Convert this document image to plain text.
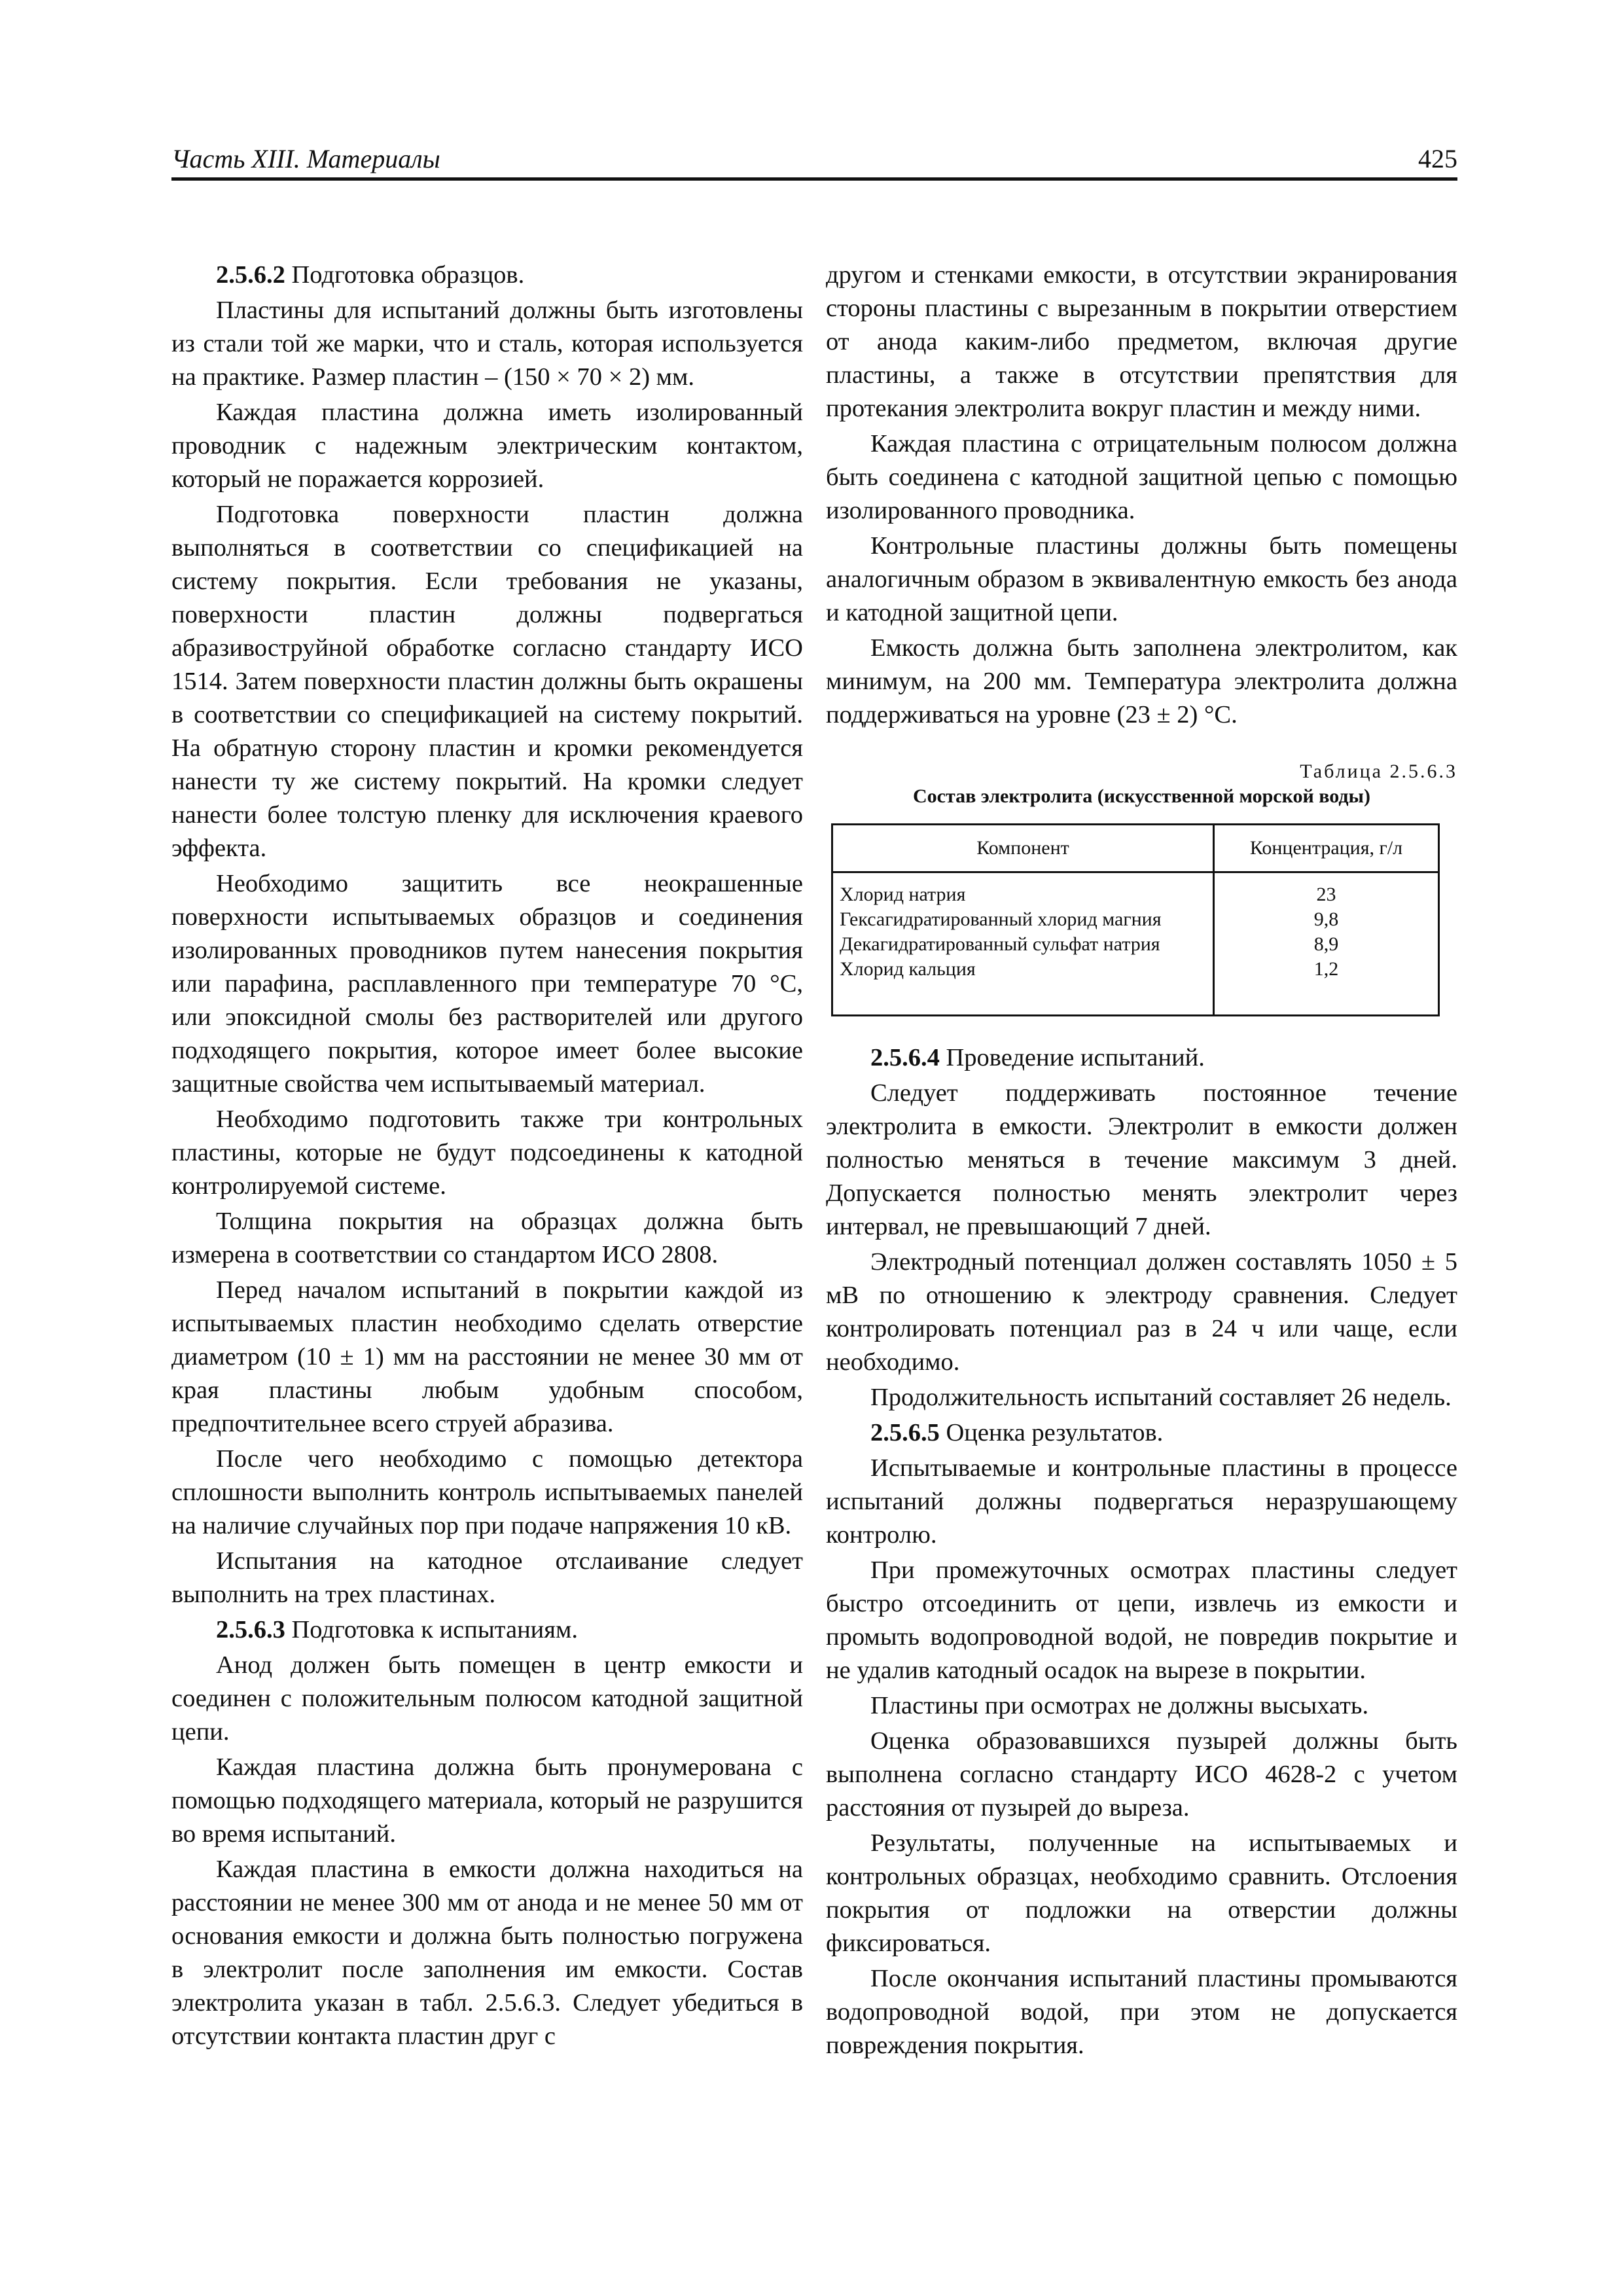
Часть XIII. Материалы	425

2.5.6.2 Подготовка образцов.

Пластины для испытаний должны быть изготовлены из стали той же марки, что и сталь, которая используется на практике. Размер пластин – (150 × 70 × 2) мм.

Каждая пластина должна иметь изолированный проводник с надежным электрическим контактом, который не поражается коррозией.

Подготовка поверхности пластин должна выполняться в соответствии со спецификацией на систему покрытия. Если требования не указаны, поверхности пластин должны подвергаться абразивоструйной обработке согласно стандарту ИСО 1514. Затем поверхности пластин должны быть окрашены в соответствии со спецификацией на систему покрытий. На обратную сторону пластин и кромки рекомендуется нанести ту же систему покрытий. На кромки следует нанести более толстую пленку для исключения краевого эффекта.

Необходимо защитить все неокрашенные поверхности испытываемых образцов и соединения изолированных проводников путем нанесения покрытия или парафина, расплавленного при температуре 70 °C, или эпоксидной смолы без растворителей или другого подходящего покрытия, которое имеет более высокие защитные свойства чем испытываемый материал.

Необходимо подготовить также три контрольных пластины, которые не будут подсоединены к катодной контролируемой системе.

Толщина покрытия на образцах должна быть измерена в соответствии со стандартом ИСО 2808.

Перед началом испытаний в покрытии каждой из испытываемых пластин необходимо сделать отверстие диаметром (10 ± 1) мм на расстоянии не менее 30 мм от края пластины любым удобным способом, предпочтительнее всего струей абразива.

После чего необходимо с помощью детектора сплошности выполнить контроль испытываемых панелей на наличие случайных пор при подаче напряжения 10 кВ.

Испытания на катодное отслаивание следует выполнить на трех пластинах.

2.5.6.3 Подготовка к испытаниям.

Анод должен быть помещен в центр емкости и соединен с положительным полюсом катодной защитной цепи.

Каждая пластина должна быть пронумерована с помощью подходящего материала, который не разрушится во время испытаний.

Каждая пластина в емкости должна находиться на расстоянии не менее 300 мм от анода и не менее 50 мм от основания емкости и должна быть полностью погружена в электролит после заполнения им емкости. Состав электролита указан в табл. 2.5.6.3. Следует убедиться в отсутствии контакта пластин друг с

другом и стенками емкости, в отсутствии экранирования стороны пластины с вырезанным в покрытии отверстием от анода каким-либо предметом, включая другие пластины, а также в отсутствии препятствия для протекания электролита вокруг пластин и между ними.

Каждая пластина с отрицательным полюсом должна быть соединена с катодной защитной цепью с помощью изолированного проводника.

Контрольные пластины должны быть помещены аналогичным образом в эквивалентную емкость без анода и катодной защитной цепи.

Емкость должна быть заполнена электролитом, как минимум, на 200 мм. Температура электролита должна поддерживаться на уровне (23 ± 2) °C.

Таблица 2.5.6.3
Состав электролита (искусственной морской воды)
Компонент	Концентрация, г/л
Хлорид натрия	23
Гексагидратированный хлорид магния	9,8
Декагидратированный сульфат натрия	8,9
Хлорид кальция	1,2

2.5.6.4 Проведение испытаний.

Следует поддерживать постоянное течение электролита в емкости. Электролит в емкости должен полностью меняться в течение максимум 3 дней. Допускается полностью менять электролит через интервал, не превышающий 7 дней.

Электродный потенциал должен составлять 1050 ± 5 мВ по отношению к электроду сравнения. Следует контролировать потенциал раз в 24 ч или чаще, если необходимо.

Продолжительность испытаний составляет 26 недель.

2.5.6.5 Оценка результатов.

Испытываемые и контрольные пластины в процессе испытаний должны подвергаться неразрушающему контролю.

При промежуточных осмотрах пластины следует быстро отсоединить от цепи, извлечь из емкости и промыть водопроводной водой, не повредив покрытие и не удалив катодный осадок на вырезе в покрытии.

Пластины при осмотрах не должны высыхать.

Оценка образовавшихся пузырей должны быть выполнена согласно стандарту ИСО 4628-2 с учетом расстояния от пузырей до выреза.

Результаты, полученные на испытываемых и контрольных образцах, необходимо сравнить. Отслоения покрытия от подложки на отверстии должны фиксироваться.

После окончания испытаний пластины промываются водопроводной водой, при этом не допускается повреждения покрытия.
